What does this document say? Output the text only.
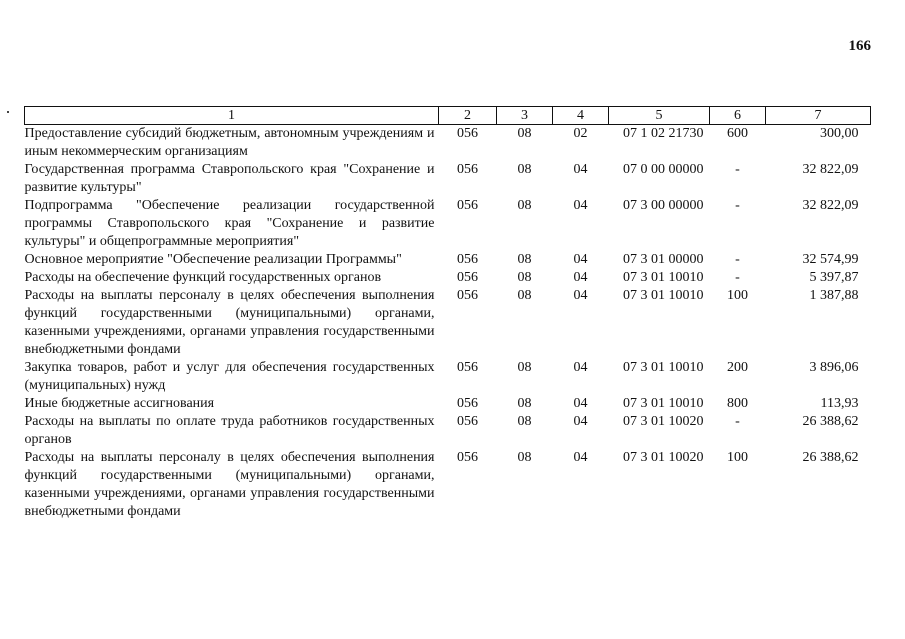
166
1	2	3	4	5	6	7
Предоставление субсидий бюджетным, автономным учреждениям и иным некоммерческим организациям	056	08	02	07 1 02 21730	600	300,00
Государственная программа Ставропольского края "Сохранение и развитие культуры"	056	08	04	07 0 00 00000	-	32 822,09
Подпрограмма "Обеспечение реализации государственной программы Ставропольского края "Сохранение и развитие культуры" и общепрограммные мероприятия"	056	08	04	07 3 00 00000	-	32 822,09
Основное мероприятие "Обеспечение реализации Программы"	056	08	04	07 3 01 00000	-	32 574,99
Расходы на обеспечение функций государственных органов	056	08	04	07 3 01 10010	-	5 397,87
Расходы на выплаты персоналу в целях обеспечения выполнения функций государственными (муниципальными) органами, казенными учреждениями, органами управления государственными внебюджетными фондами	056	08	04	07 3 01 10010	100	1 387,88
Закупка товаров, работ и услуг для обеспечения государственных (муниципальных) нужд	056	08	04	07 3 01 10010	200	3 896,06
Иные бюджетные ассигнования	056	08	04	07 3 01 10010	800	113,93
Расходы на выплаты по оплате труда работников государственных органов	056	08	04	07 3 01 10020	-	26 388,62
Расходы на выплаты персоналу в целях обеспечения выполнения функций государственными (муниципальными) органами, казенными учреждениями, органами управления государственными внебюджетными фондами	056	08	04	07 3 01 10020	100	26 388,62
